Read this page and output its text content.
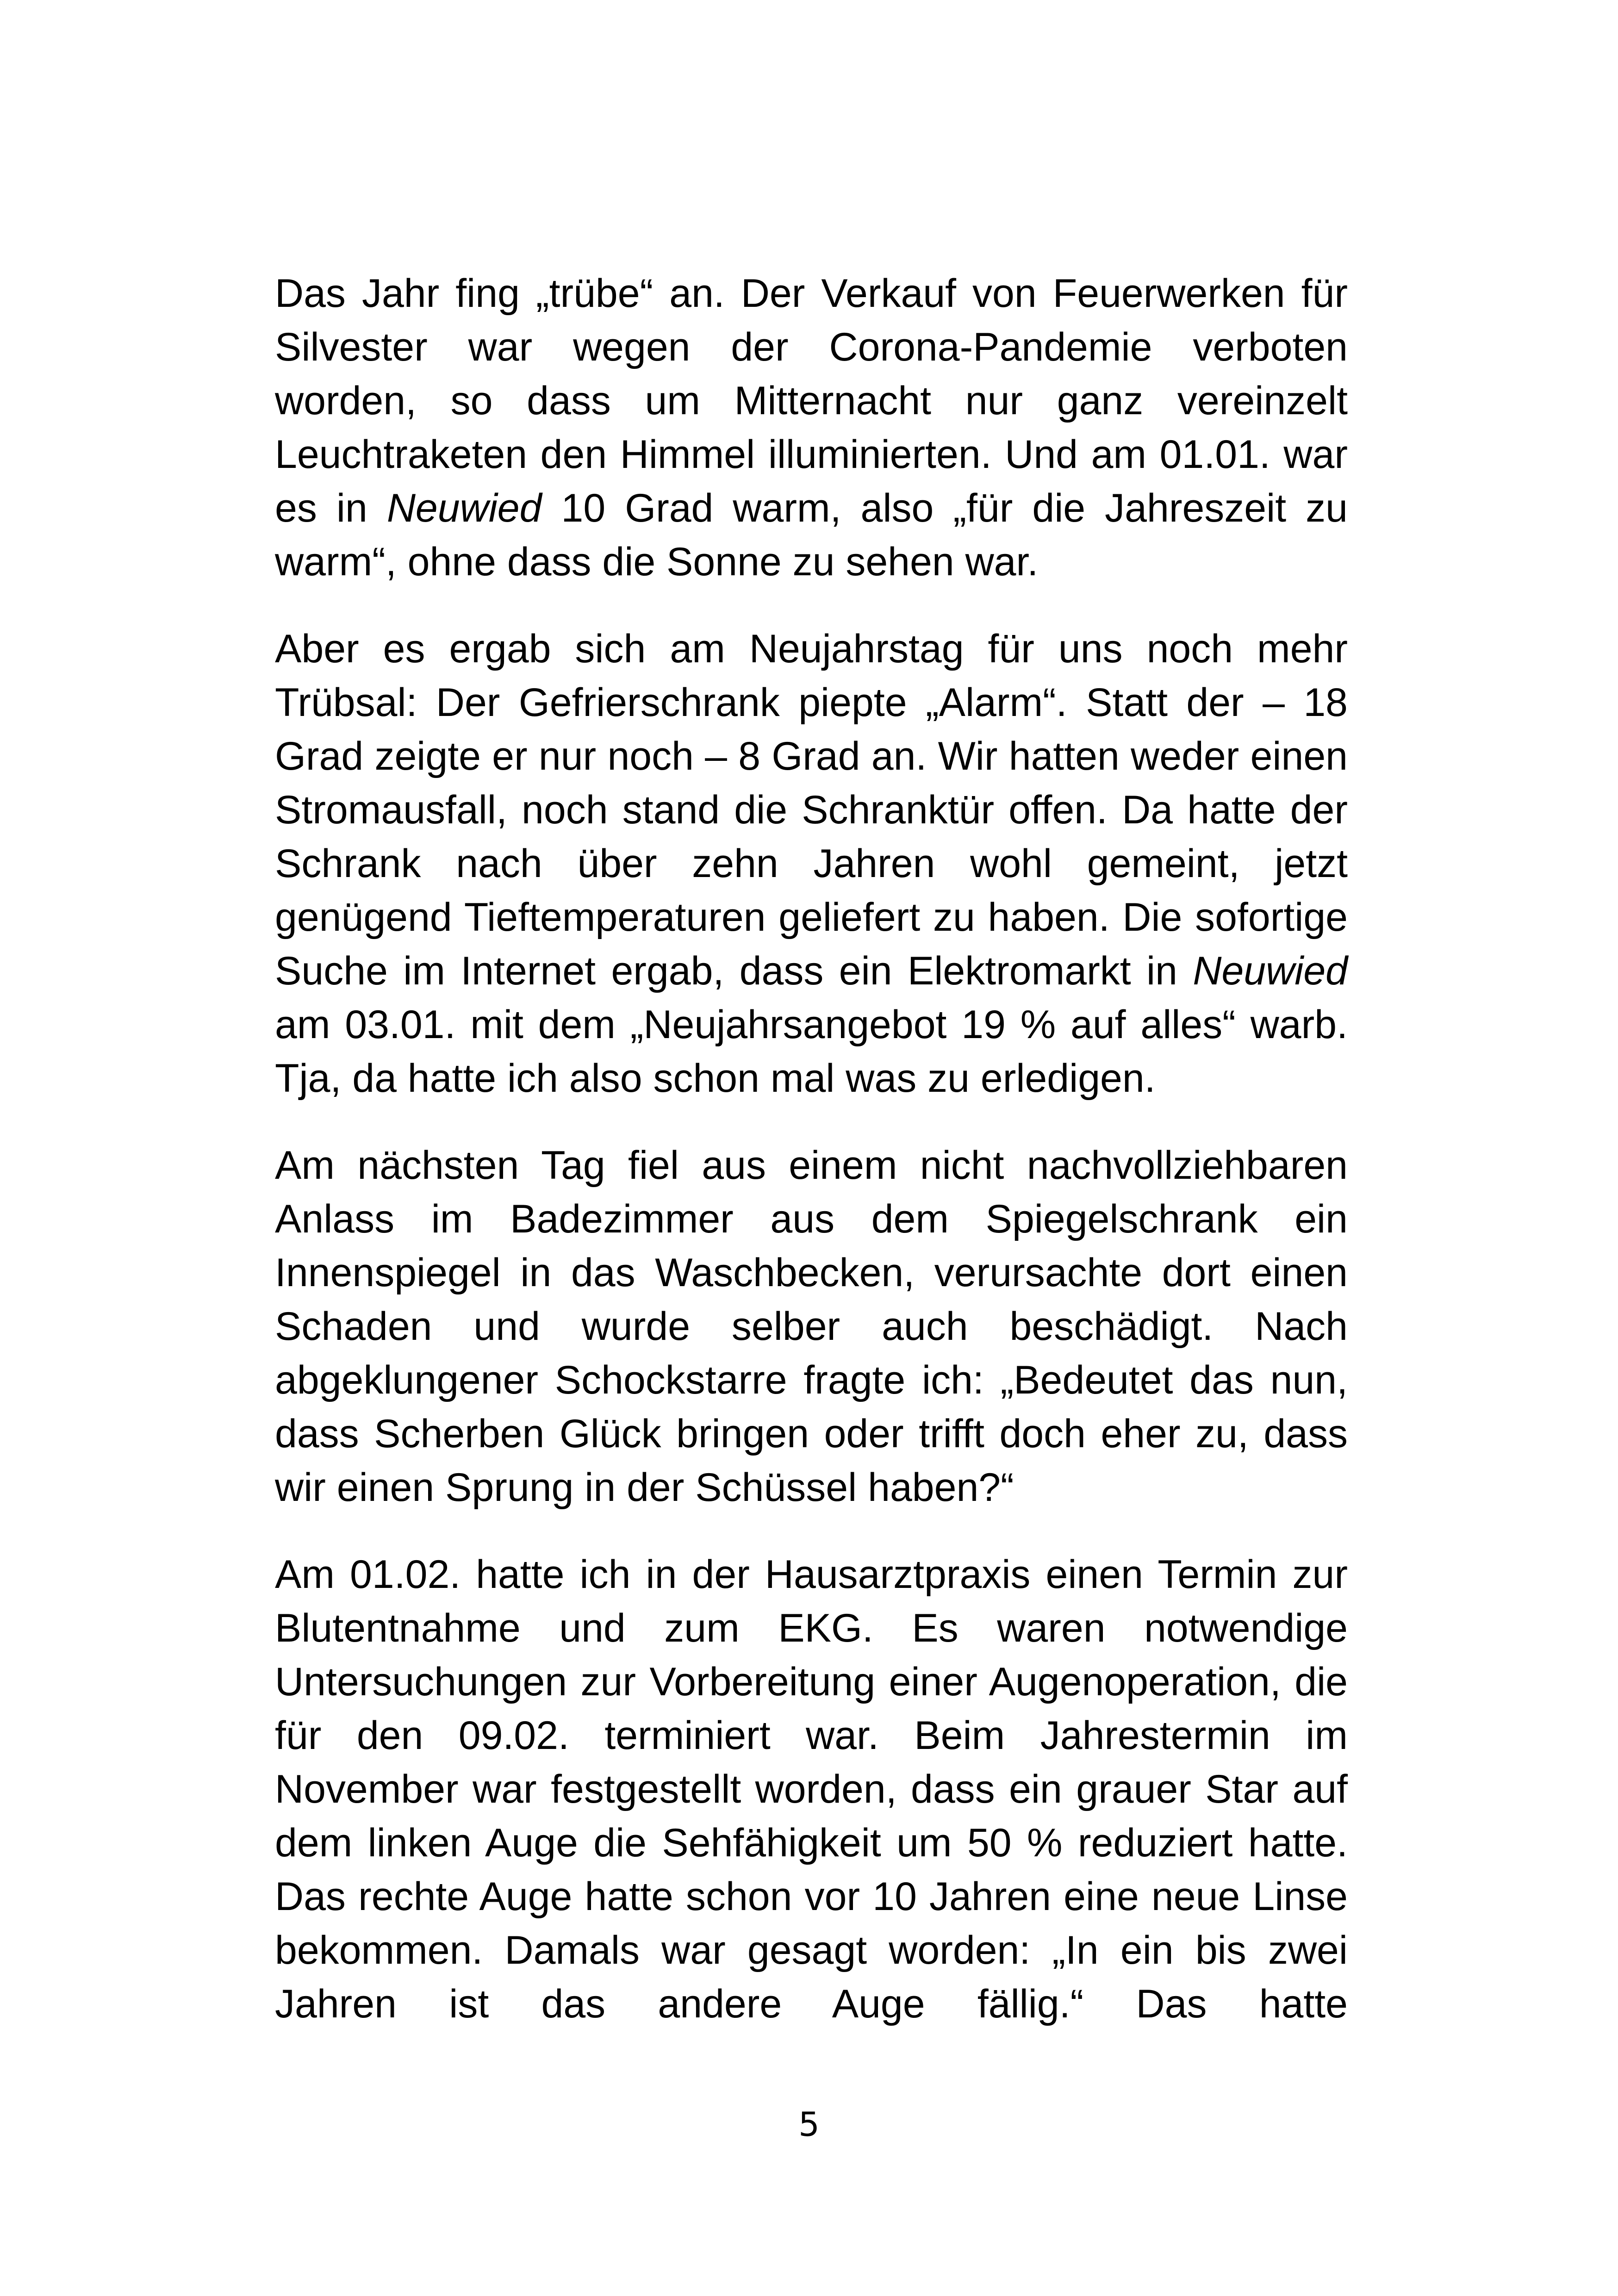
Das Jahr fing „trübe“ an. Der Verkauf von Feuerwerken für Silvester war wegen der Corona-Pandemie verboten worden, so dass um Mitternacht nur ganz vereinzelt Leuchtraketen den Himmel illuminierten. Und am 01.01. war es in Neuwied 10 Grad warm, also „für die Jahreszeit zu warm“, ohne dass die Sonne zu sehen war.

Aber es ergab sich am Neujahrstag für uns noch mehr Trübsal: Der Gefrierschrank piepte „Alarm“. Statt der – 18 Grad zeigte er nur noch – 8 Grad an. Wir hatten weder einen Stromausfall, noch stand die Schranktür offen. Da hatte der Schrank nach über zehn Jahren wohl gemeint, jetzt genügend Tieftemperaturen geliefert zu haben. Die sofortige Suche im Internet ergab, dass ein Elektromarkt in Neuwied am 03.01. mit dem „Neujahrsangebot 19 % auf alles“ warb. Tja, da hatte ich also schon mal was zu erledigen.

Am nächsten Tag fiel aus einem nicht nachvollziehbaren Anlass im Badezimmer aus dem Spiegelschrank ein Innenspiegel in das Waschbecken, verursachte dort einen Schaden und wurde selber auch beschädigt. Nach abgeklungener Schockstarre fragte ich: „Bedeutet das nun, dass Scherben Glück bringen oder trifft doch eher zu, dass wir einen Sprung in der Schüssel haben?“

Am 01.02. hatte ich in der Hausarztpraxis einen Termin zur Blutentnahme und zum EKG. Es waren notwendige Untersuchungen zur Vorbereitung einer Augenoperation, die für den 09.02. terminiert war. Beim Jahrestermin im November war festgestellt worden, dass ein grauer Star auf dem linken Auge die Sehfähigkeit um 50 % reduziert hatte. Das rechte Auge hatte schon vor 10 Jahren eine neue Linse bekommen. Damals war gesagt worden: „In ein bis zwei Jahren ist das andere Auge fällig.“ Das hatte

5
